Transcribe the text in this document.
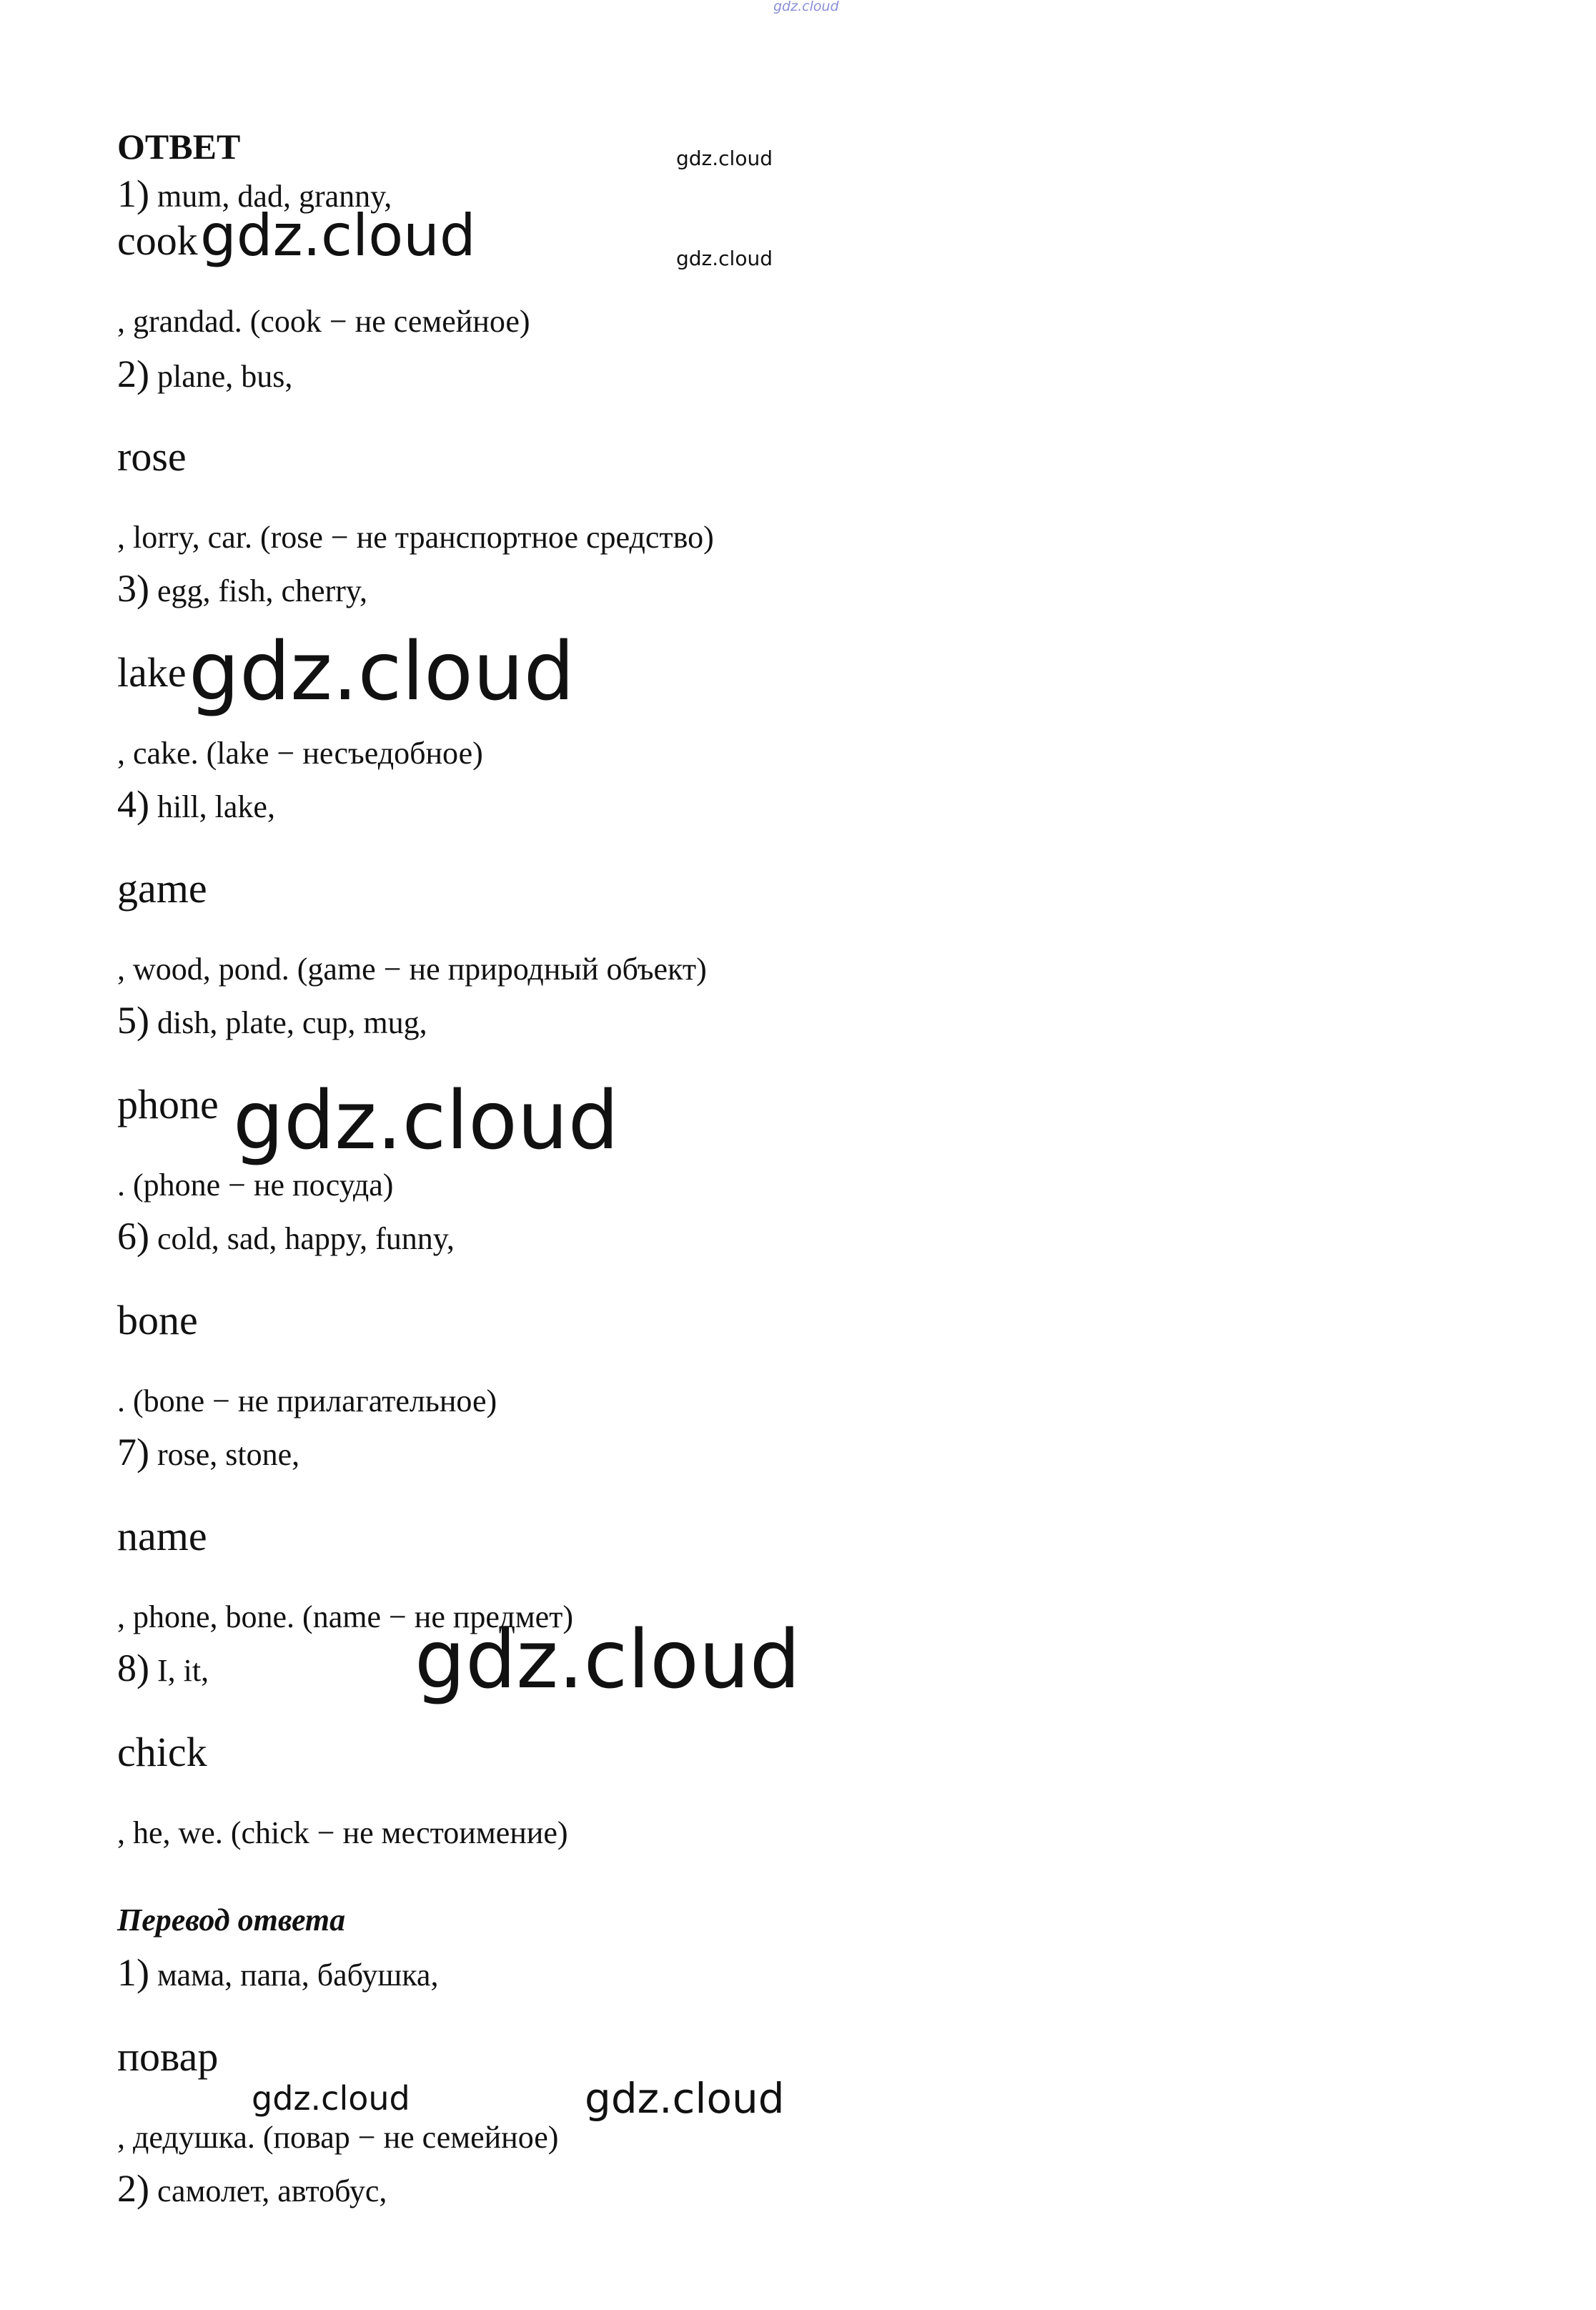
gdz.cloud
ОТВЕТ
1) mum, dad, granny,
cook
, grandad. (cook − не семейное)
2) plane, bus,
rose
, lorry, car. (rose − не транспортное средство)
3) egg, fish, cherry,
lake
, cake. (lake − несъедобное)
4) hill, lake,
game
, wood, pond. (game − не природный объект)
5) dish, plate, cup, mug,
phone
. (phone − не посуда)
6) cold, sad, happy, funny,
bone
. (bone − не прилагательное)
7) rose, stone,
name
, phone, bone. (name − не предмет)
8) I, it,
chick
, he, we. (chick − не местоимение)
Перевод ответа
1) мама, папа, бабушка,
повар
, дедушка. (повар − не семейное)
2) самолет, автобус,
gdz.cloud
gdz.cloud
gdz.cloud
gdz.cloud
gdz.cloud
gdz.cloud
gdz.cloud	gdz.cloud
